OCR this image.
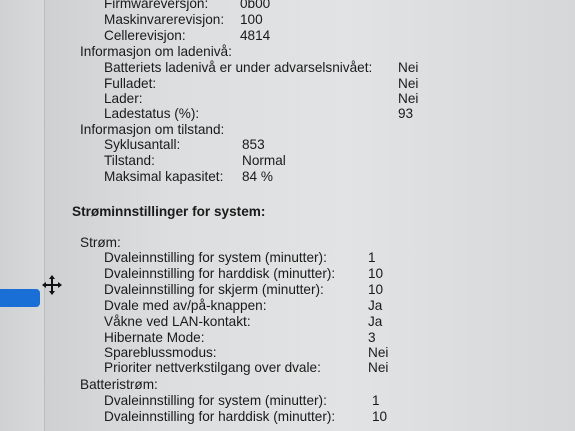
Firmwareversjon: 0b00
Maskinvarerevisjon: 100
Cellerevisjon:	4814
Informasjon om ladenivå:
Batteriets ladenivå er under advarselsnivået: Nei
Fulladet:	Nei
Lader:	Nei
Ladestatus (%):	93
Informasjon om tilstand:
Syklusantall:	853
Tilstand:	Normal
Maksimal kapasitet: 84 %
Strøminnstillinger for system:
Strøm:
Dvaleinnstilling for system (minutter):	1
Dvaleinnstilling for harddisk (minutter): 10
Dvaleinnstilling for skjerm (minutter):	10
Dvale med av/på-knappen:	Ja
Våkne ved LAN-kontakt:	Ja
Hibernate Mode:	3
Spareblussmodus:	Nei
Prioriter nettverkstilgang over dvale:	Nei
Batteristrøm:
Dvaleinnstilling for system (minutter):	1
Dvaleinnstilling for harddisk (minutter):	10
